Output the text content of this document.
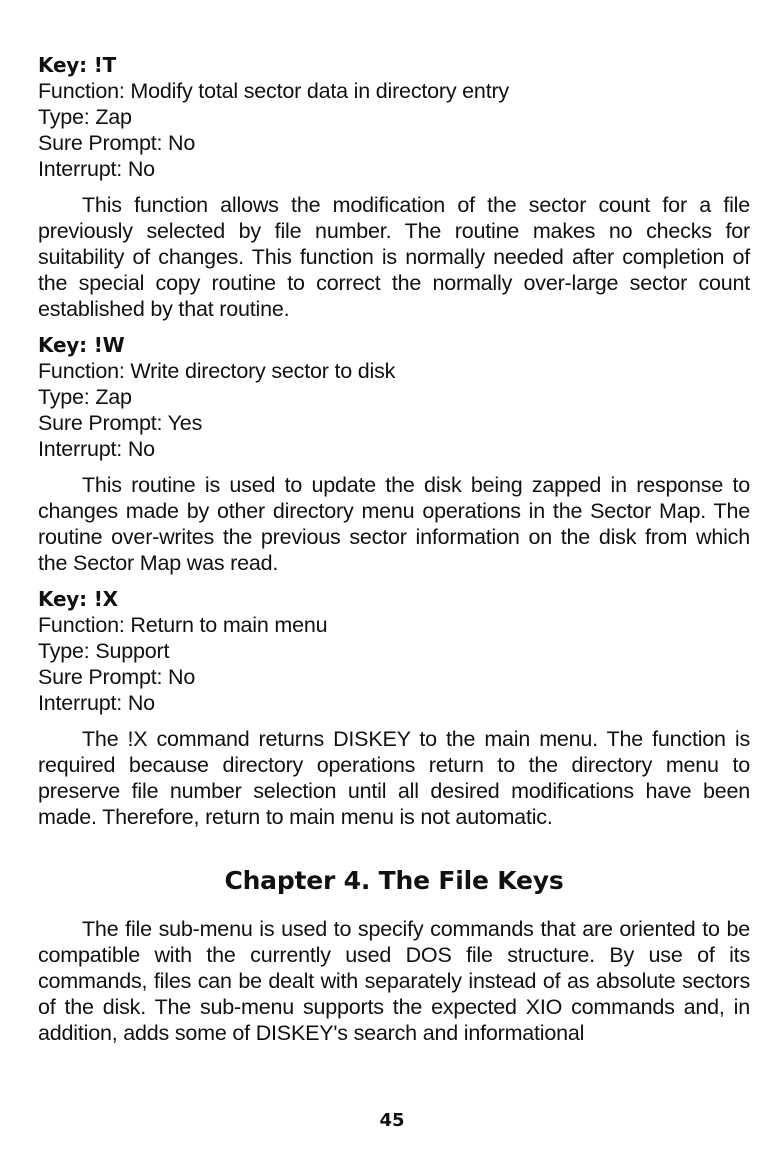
Key: !T

Function: Modify total sector data in directory entry

Type: Zap

Sure Prompt: No

Interrupt: No

This function allows the modification of the sector count for a file previously selected by file number. The routine makes no checks for suitability of changes. This function is normally needed after completion of the special copy routine to correct the normally over-large sector count established by that routine.

Key: !W

Function: Write directory sector to disk

Type: Zap

Sure Prompt: Yes

Interrupt: No

This routine is used to update the disk being zapped in response to changes made by other directory menu operations in the Sector Map. The routine over-writes the previous sector information on the disk from which the Sector Map was read.

Key: !X

Function: Return to main menu

Type: Support

Sure Prompt: No

Interrupt: No

The !X command returns DISKEY to the main menu. The function is required because directory operations return to the directory menu to preserve file number selection until all desired modifications have been made. Therefore, return to main menu is not automatic.

Chapter 4. The File Keys

The file sub-menu is used to specify commands that are oriented to be compatible with the currently used DOS file structure. By use of its commands, files can be dealt with separately instead of as absolute sectors of the disk. The sub-menu supports the expected XIO commands and, in addition, adds some of DISKEY's search and informational

45
